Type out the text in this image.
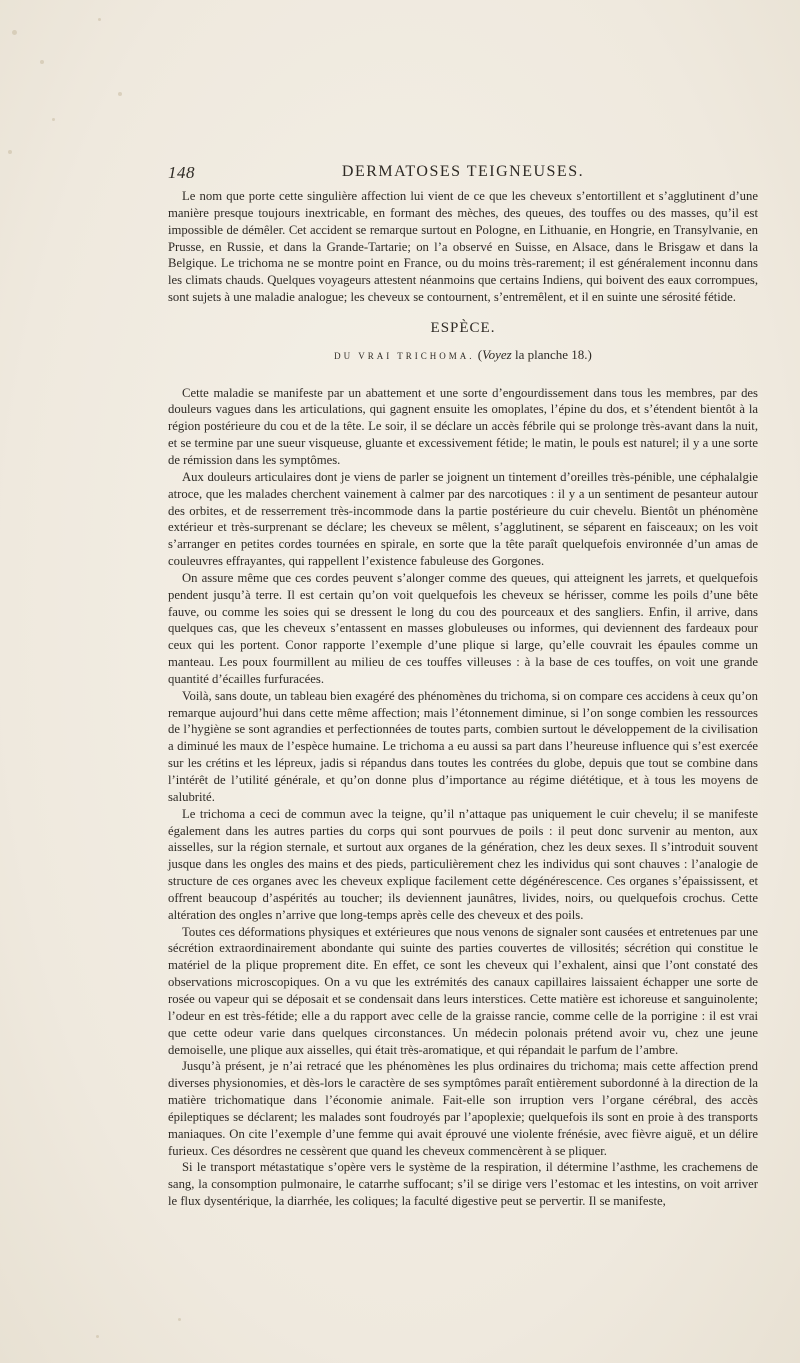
148	DERMATOSES TEIGNEUSES.

Le nom que porte cette singulière affection lui vient de ce que les cheveux s’entortillent et s’agglutinent d’une manière presque toujours inextricable, en formant des mèches, des queues, des touffes ou des masses, qu’il est impossible de démêler. Cet accident se remarque surtout en Pologne, en Lithuanie, en Hongrie, en Transylvanie, en Prusse, en Russie, et dans la Grande-Tartarie; on l’a observé en Suisse, en Alsace, dans le Brisgaw et dans la Belgique. Le trichoma ne se montre point en France, ou du moins très-rarement; il est généralement inconnu dans les climats chauds. Quelques voyageurs attestent néanmoins que certains Indiens, qui boivent des eaux corrompues, sont sujets à une maladie analogue; les cheveux se contournent, s’entremêlent, et il en suinte une sérosité fétide.

ESPÈCE.
DU VRAI TRICHOMA. (Voyez la planche 18.)

Cette maladie se manifeste par un abattement et une sorte d’engourdissement dans tous les membres, par des douleurs vagues dans les articulations, qui gagnent ensuite les omoplates, l’épine du dos, et s’étendent bientôt à la région postérieure du cou et de la tête. Le soir, il se déclare un accès fébrile qui se prolonge très-avant dans la nuit, et se termine par une sueur visqueuse, gluante et excessivement fétide; le matin, le pouls est naturel; il y a une sorte de rémission dans les symptômes.

Aux douleurs articulaires dont je viens de parler se joignent un tintement d’oreilles très-pénible, une céphalalgie atroce, que les malades cherchent vainement à calmer par des narcotiques : il y a un sentiment de pesanteur autour des orbites, et de resserrement très-incommode dans la partie postérieure du cuir chevelu. Bientôt un phénomène extérieur et très-surprenant se déclare; les cheveux se mêlent, s’agglutinent, se séparent en faisceaux; on les voit s’arranger en petites cordes tournées en spirale, en sorte que la tête paraît quelquefois environnée d’un amas de couleuvres effrayantes, qui rappellent l’existence fabuleuse des Gorgones.

On assure même que ces cordes peuvent s’alonger comme des queues, qui atteignent les jarrets, et quelquefois pendent jusqu’à terre. Il est certain qu’on voit quelquefois les cheveux se hérisser, comme les poils d’une bête fauve, ou comme les soies qui se dressent le long du cou des pourceaux et des sangliers. Enfin, il arrive, dans quelques cas, que les cheveux s’entassent en masses globuleuses ou informes, qui deviennent des fardeaux pour ceux qui les portent. Conor rapporte l’exemple d’une plique si large, qu’elle couvrait les épaules comme un manteau. Les poux fourmillent au milieu de ces touffes villeuses : à la base de ces touffes, on voit une grande quantité d’écailles furfuracées.

Voilà, sans doute, un tableau bien exagéré des phénomènes du trichoma, si on compare ces accidens à ceux qu’on remarque aujourd’hui dans cette même affection; mais l’étonnement diminue, si l’on songe combien les ressources de l’hygiène se sont agrandies et perfectionnées de toutes parts, combien surtout le développement de la civilisation a diminué les maux de l’espèce humaine. Le trichoma a eu aussi sa part dans l’heureuse influence qui s’est exercée sur les crétins et les lépreux, jadis si répandus dans toutes les contrées du globe, depuis que tout se combine dans l’intérêt de l’utilité générale, et qu’on donne plus d’importance au régime diététique, et à tous les moyens de salubrité.

Le trichoma a ceci de commun avec la teigne, qu’il n’attaque pas uniquement le cuir chevelu; il se manifeste également dans les autres parties du corps qui sont pourvues de poils : il peut donc survenir au menton, aux aisselles, sur la région sternale, et surtout aux organes de la génération, chez les deux sexes. Il s’introduit souvent jusque dans les ongles des mains et des pieds, particulièrement chez les individus qui sont chauves : l’analogie de structure de ces organes avec les cheveux explique facilement cette dégénérescence. Ces organes s’épaississent, et offrent beaucoup d’aspérités au toucher; ils deviennent jaunâtres, livides, noirs, ou quelquefois crochus. Cette altération des ongles n’arrive que long-temps après celle des cheveux et des poils.

Toutes ces déformations physiques et extérieures que nous venons de signaler sont causées et entretenues par une sécrétion extraordinairement abondante qui suinte des parties couvertes de villosités; sécrétion qui constitue le matériel de la plique proprement dite. En effet, ce sont les cheveux qui l’exhalent, ainsi que l’ont constaté des observations microscopiques. On a vu que les extrémités des canaux capillaires laissaient échapper une sorte de rosée ou vapeur qui se déposait et se condensait dans leurs interstices. Cette matière est ichoreuse et sanguinolente; l’odeur en est très-fétide; elle a du rapport avec celle de la graisse rancie, comme celle de la porrigine : il est vrai que cette odeur varie dans quelques circonstances. Un médecin polonais prétend avoir vu, chez une jeune demoiselle, une plique aux aisselles, qui était très-aromatique, et qui répandait le parfum de l’ambre.

Jusqu’à présent, je n’ai retracé que les phénomènes les plus ordinaires du trichoma; mais cette affection prend diverses physionomies, et dès-lors le caractère de ses symptômes paraît entièrement subordonné à la direction de la matière trichomatique dans l’économie animale. Fait-elle son irruption vers l’organe cérébral, des accès épileptiques se déclarent; les malades sont foudroyés par l’apoplexie; quelquefois ils sont en proie à des transports maniaques. On cite l’exemple d’une femme qui avait éprouvé une violente frénésie, avec fièvre aiguë, et un délire furieux. Ces désordres ne cessèrent que quand les cheveux commencèrent à se pliquer.

Si le transport métastatique s’opère vers le système de la respiration, il détermine l’asthme, les crachemens de sang, la consomption pulmonaire, le catarrhe suffocant; s’il se dirige vers l’estomac et les intestins, on voit arriver le flux dysentérique, la diarrhée, les coliques; la faculté digestive peut se pervertir. Il se manifeste,
